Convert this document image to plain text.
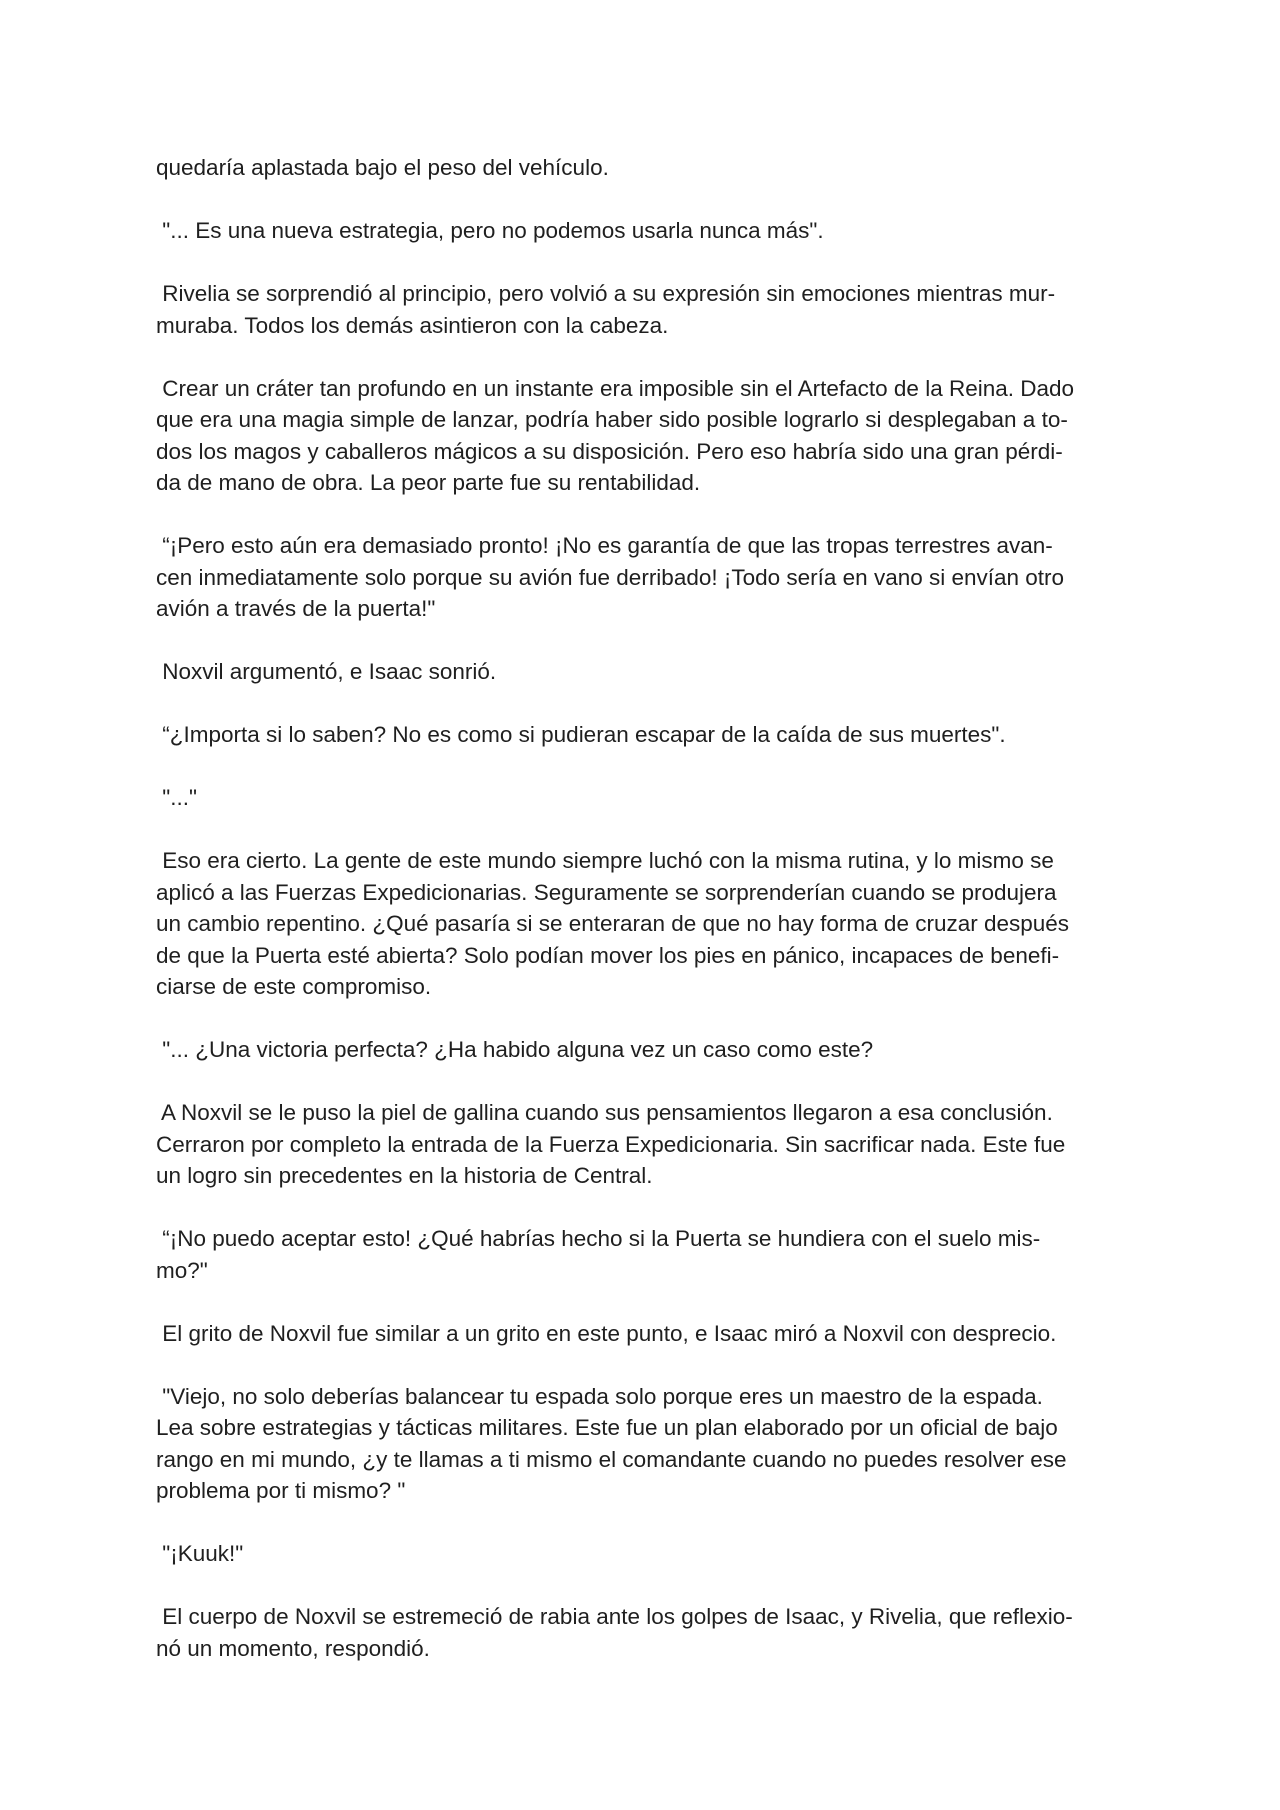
quedaría aplastada bajo el peso del vehículo.

"... Es una nueva estrategia, pero no podemos usarla nunca más".

Rivelia se sorprendió al principio, pero volvió a su expresión sin emociones mientras mur-
muraba. Todos los demás asintieron con la cabeza.

Crear un cráter tan profundo en un instante era imposible sin el Artefacto de la Reina. Dado
que era una magia simple de lanzar, podría haber sido posible lograrlo si desplegaban a to-
dos los magos y caballeros mágicos a su disposición. Pero eso habría sido una gran pérdi-
da de mano de obra. La peor parte fue su rentabilidad.

“¡Pero esto aún era demasiado pronto! ¡No es garantía de que las tropas terrestres avan-
cen inmediatamente solo porque su avión fue derribado! ¡Todo sería en vano si envían otro
avión a través de la puerta!"

Noxvil argumentó, e Isaac sonrió.

“¿Importa si lo saben? No es como si pudieran escapar de la caída de sus muertes".

"..."

Eso era cierto. La gente de este mundo siempre luchó con la misma rutina, y lo mismo se
aplicó a las Fuerzas Expedicionarias. Seguramente se sorprenderían cuando se produjera
un cambio repentino. ¿Qué pasaría si se enteraran de que no hay forma de cruzar después
de que la Puerta esté abierta? Solo podían mover los pies en pánico, incapaces de benefi-
ciarse de este compromiso.

"... ¿Una victoria perfecta? ¿Ha habido alguna vez un caso como este?

A Noxvil se le puso la piel de gallina cuando sus pensamientos llegaron a esa conclusión.
Cerraron por completo la entrada de la Fuerza Expedicionaria. Sin sacrificar nada. Este fue
un logro sin precedentes en la historia de Central.

“¡No puedo aceptar esto! ¿Qué habrías hecho si la Puerta se hundiera con el suelo mis-
mo?"

El grito de Noxvil fue similar a un grito en este punto, e Isaac miró a Noxvil con desprecio.

"Viejo, no solo deberías balancear tu espada solo porque eres un maestro de la espada.
Lea sobre estrategias y tácticas militares. Este fue un plan elaborado por un oficial de bajo
rango en mi mundo, ¿y te llamas a ti mismo el comandante cuando no puedes resolver ese
problema por ti mismo? "

"¡Kuuk!"

El cuerpo de Noxvil se estremeció de rabia ante los golpes de Isaac, y Rivelia, que reflexio-
nó un momento, respondió.
